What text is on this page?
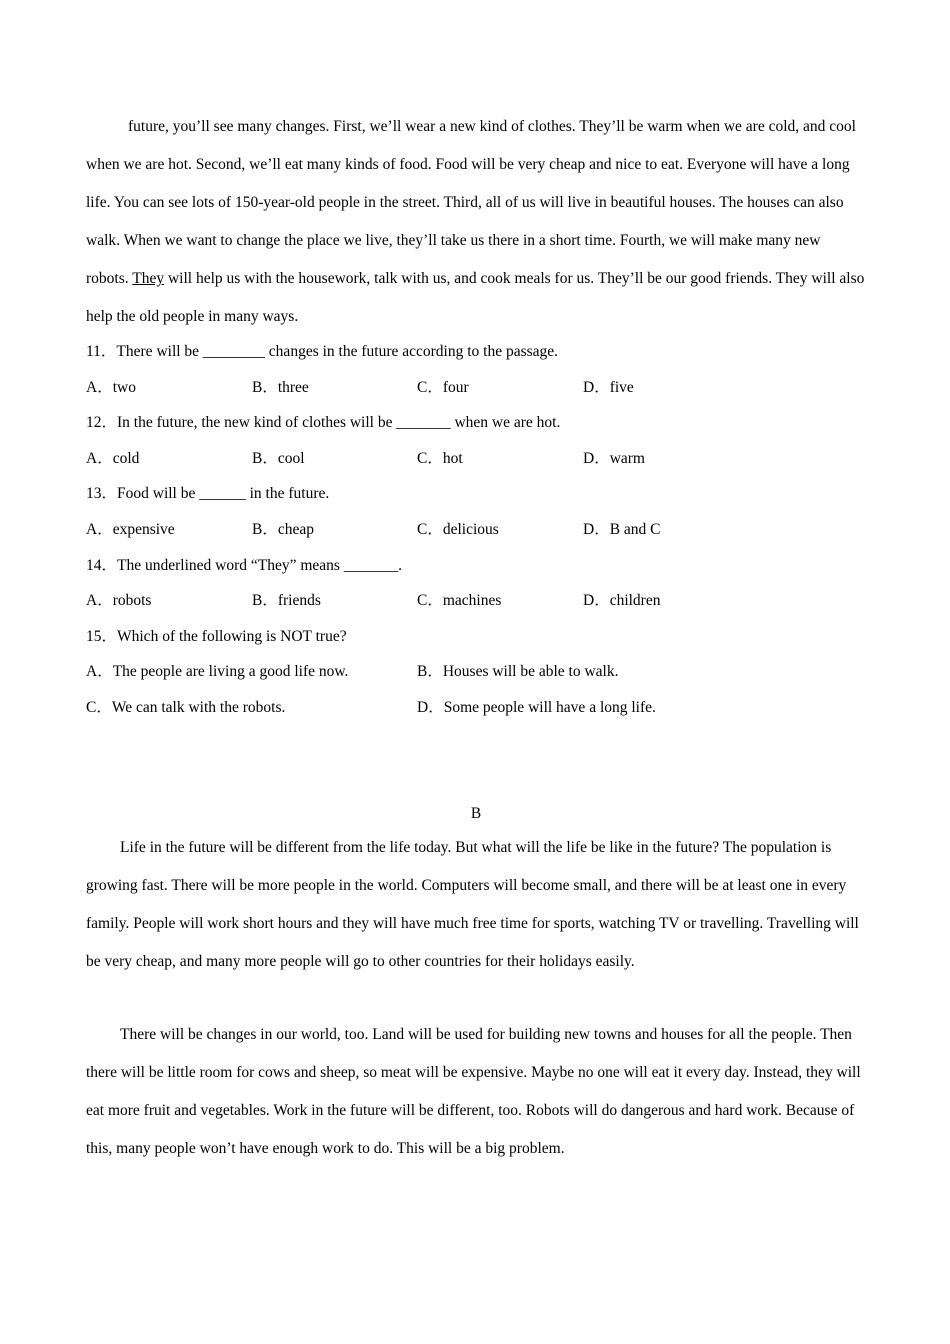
future, you’ll see many changes. First, we’ll wear a new kind of clothes. They’ll be warm when we are cold, and cool when we are hot. Second, we’ll eat many kinds of food. Food will be very cheap and nice to eat. Everyone will have a long life. You can see lots of 150-year-old people in the street. Third, all of us will live in beautiful houses. The houses can also walk. When we want to change the place we live, they’ll take us there in a short time. Fourth, we will make many new robots. They will help us with the housework, talk with us, and cook meals for us. They’ll be our good friends. They will also help the old people in many ways.

11．There will be ________ changes in the future according to the passage.
A．two	B．three	C．four	D．five
12．In the future, the new kind of clothes will be _______ when we are hot.
A．cold	B．cool	C．hot	D．warm
13．Food will be ______ in the future.
A．expensive	B．cheap	C．delicious	D．B and C
14．The underlined word “They” means _______.
A．robots	B．friends	C．machines	D．children
15．Which of the following is NOT true?
A．The people are living a good life now.	B．Houses will be able to walk.
C．We can talk with the robots.	D．Some people will have a long life.
B

Life in the future will be different from the life today. But what will the life be like in the future? The population is growing fast. There will be more people in the world. Computers will become small, and there will be at least one in every family. People will work short hours and they will have much free time for sports, watching TV or travelling. Travelling will be very cheap, and many more people will go to other countries for their holidays easily.

There will be changes in our world, too. Land will be used for building new towns and houses for all the people. Then there will be little room for cows and sheep, so meat will be expensive. Maybe no one will eat it every day. Instead, they will eat more fruit and vegetables. Work in the future will be different, too. Robots will do dangerous and hard work. Because of this, many people won’t have enough work to do. This will be a big problem.
